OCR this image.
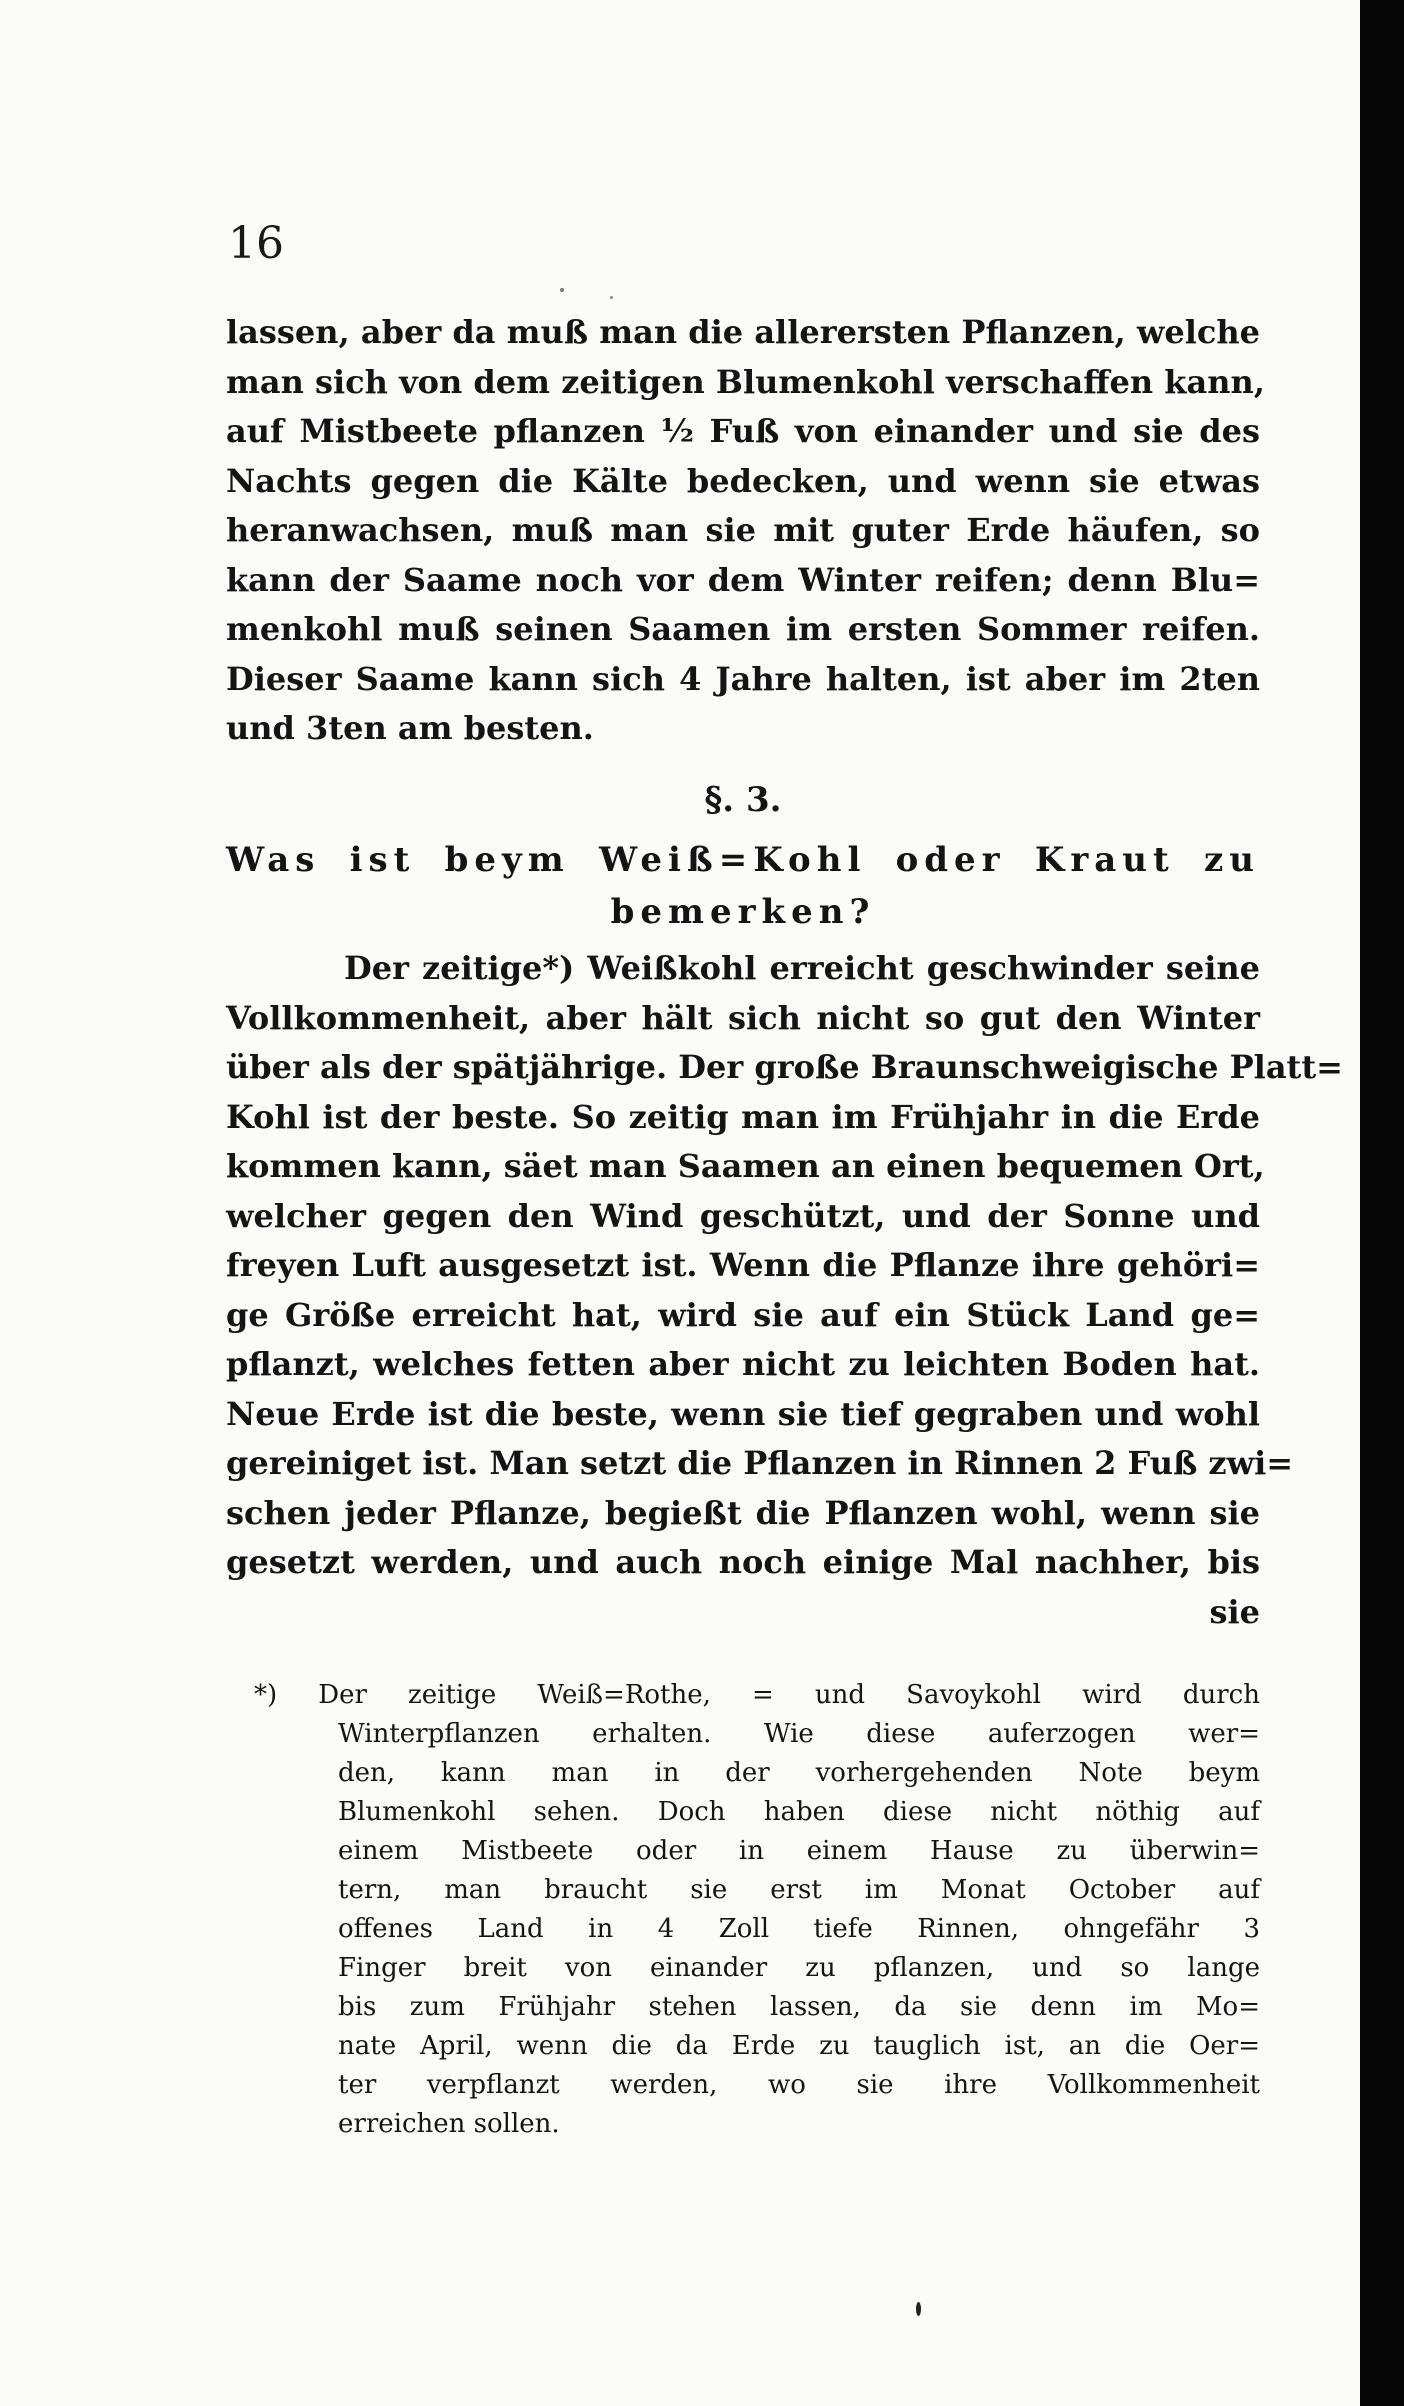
16
lassen, aber da muß man die allerersten Pflanzen, welche
man sich von dem zeitigen Blumenkohl verschaffen kann,
auf Mistbeete pflanzen ½ Fuß von einander und sie des
Nachts gegen die Kälte bedecken, und wenn sie etwas
heranwachsen, muß man sie mit guter Erde häufen, so
kann der Saame noch vor dem Winter reifen; denn Blu=
menkohl muß seinen Saamen im ersten Sommer reifen.
Dieser Saame kann sich 4 Jahre halten, ist aber im 2ten
und 3ten am besten.
§. 3.
Was ist beym Weiß=Kohl oder Kraut zu
bemerken?
Der zeitige*) Weißkohl erreicht geschwinder seine
Vollkommenheit, aber hält sich nicht so gut den Winter
über als der spätjährige. Der große Braunschweigische Platt=
Kohl ist der beste. So zeitig man im Frühjahr in die Erde
kommen kann, säet man Saamen an einen bequemen Ort,
welcher gegen den Wind geschützt, und der Sonne und
freyen Luft ausgesetzt ist. Wenn die Pflanze ihre gehöri=
ge Größe erreicht hat, wird sie auf ein Stück Land ge=
pflanzt, welches fetten aber nicht zu leichten Boden hat.
Neue Erde ist die beste, wenn sie tief gegraben und wohl
gereiniget ist. Man setzt die Pflanzen in Rinnen 2 Fuß zwi=
schen jeder Pflanze, begießt die Pflanzen wohl, wenn sie
gesetzt werden, und auch noch einige Mal nachher, bis
sie
*) Der zeitige Weiß=Rothe, = und Savoykohl wird durch
Winterpflanzen erhalten. Wie diese auferzogen wer=
den, kann man in der vorhergehenden Note beym
Blumenkohl sehen. Doch haben diese nicht nöthig auf
einem Mistbeete oder in einem Hause zu überwin=
tern, man braucht sie erst im Monat October auf
offenes Land in 4 Zoll tiefe Rinnen, ohngefähr 3
Finger breit von einander zu pflanzen, und so lange
bis zum Frühjahr stehen lassen, da sie denn im Mo=
nate April, wenn die da Erde zu tauglich ist, an die Oer=
ter verpflanzt werden, wo sie ihre Vollkommenheit
erreichen sollen.
